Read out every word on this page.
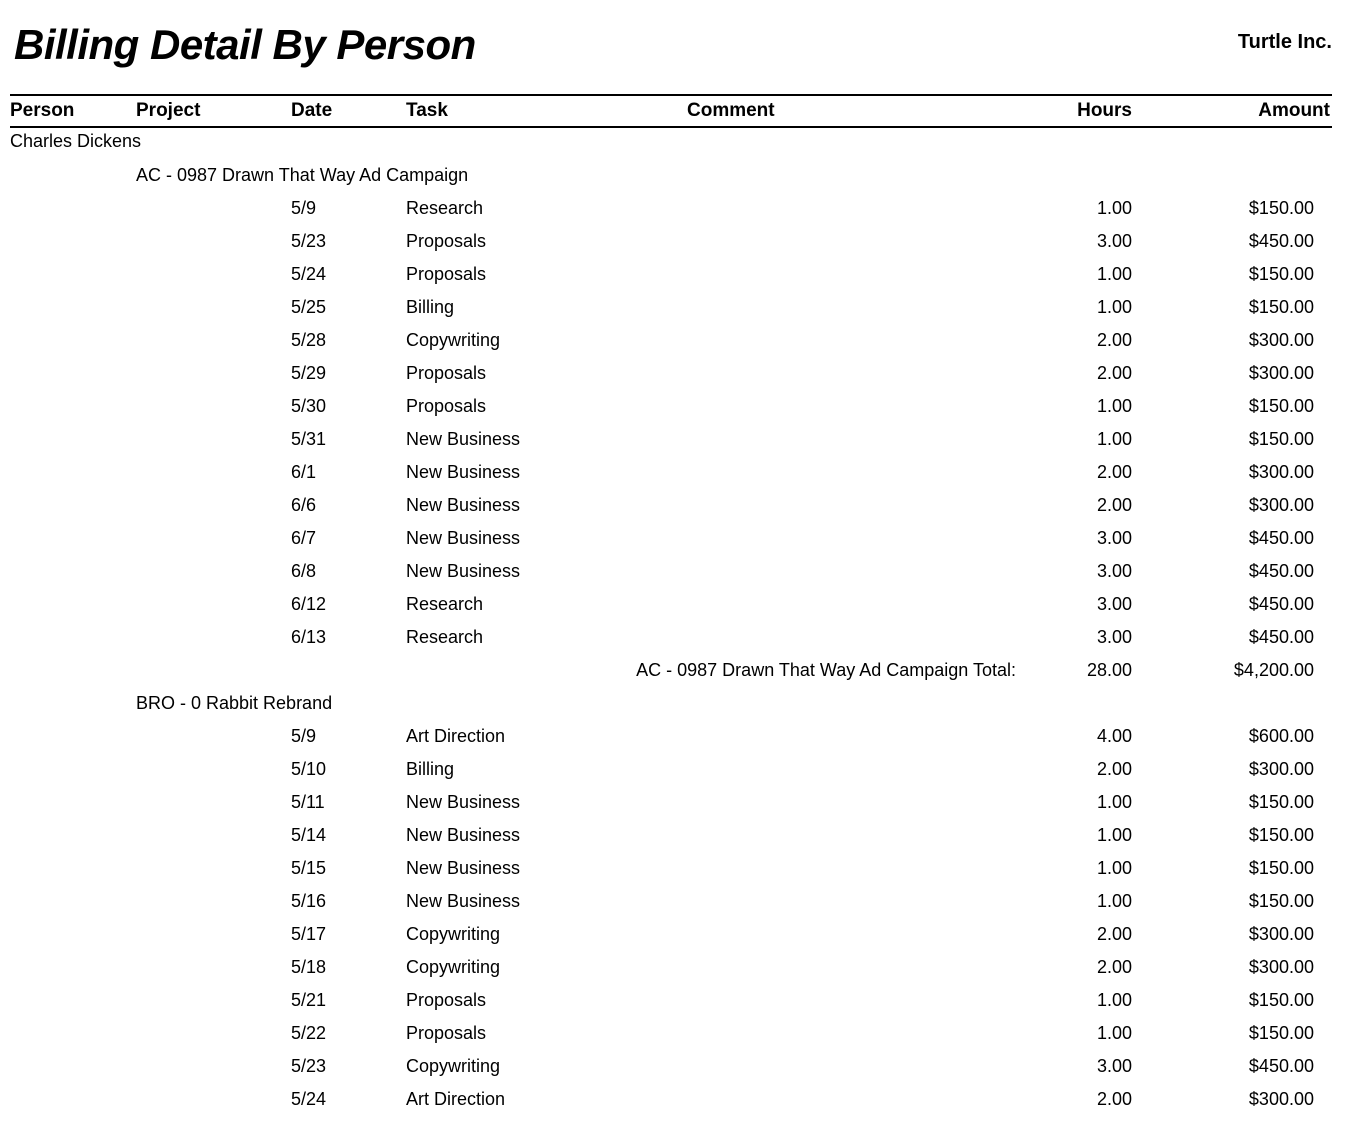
Billing Detail By Person	Turtle Inc.
Person	Project	Date	Task	Comment	Hours	Amount
Charles Dickens
AC - 0987 Drawn That Way Ad Campaign
5/9	Research	1.00	$150.00
5/23	Proposals	3.00	$450.00
5/24	Proposals	1.00	$150.00
5/25	Billing	1.00	$150.00
5/28	Copywriting	2.00	$300.00
5/29	Proposals	2.00	$300.00
5/30	Proposals	1.00	$150.00
5/31	New Business	1.00	$150.00
6/1	New Business	2.00	$300.00
6/6	New Business	2.00	$300.00
6/7	New Business	3.00	$450.00
6/8	New Business	3.00	$450.00
6/12	Research	3.00	$450.00
6/13	Research	3.00	$450.00
AC - 0987 Drawn That Way Ad Campaign Total:	28.00	$4,200.00
BRO - 0 Rabbit Rebrand
5/9	Art Direction	4.00	$600.00
5/10	Billing	2.00	$300.00
5/11	New Business	1.00	$150.00
5/14	New Business	1.00	$150.00
5/15	New Business	1.00	$150.00
5/16	New Business	1.00	$150.00
5/17	Copywriting	2.00	$300.00
5/18	Copywriting	2.00	$300.00
5/21	Proposals	1.00	$150.00
5/22	Proposals	1.00	$150.00
5/23	Copywriting	3.00	$450.00
5/24	Art Direction	2.00	$300.00
